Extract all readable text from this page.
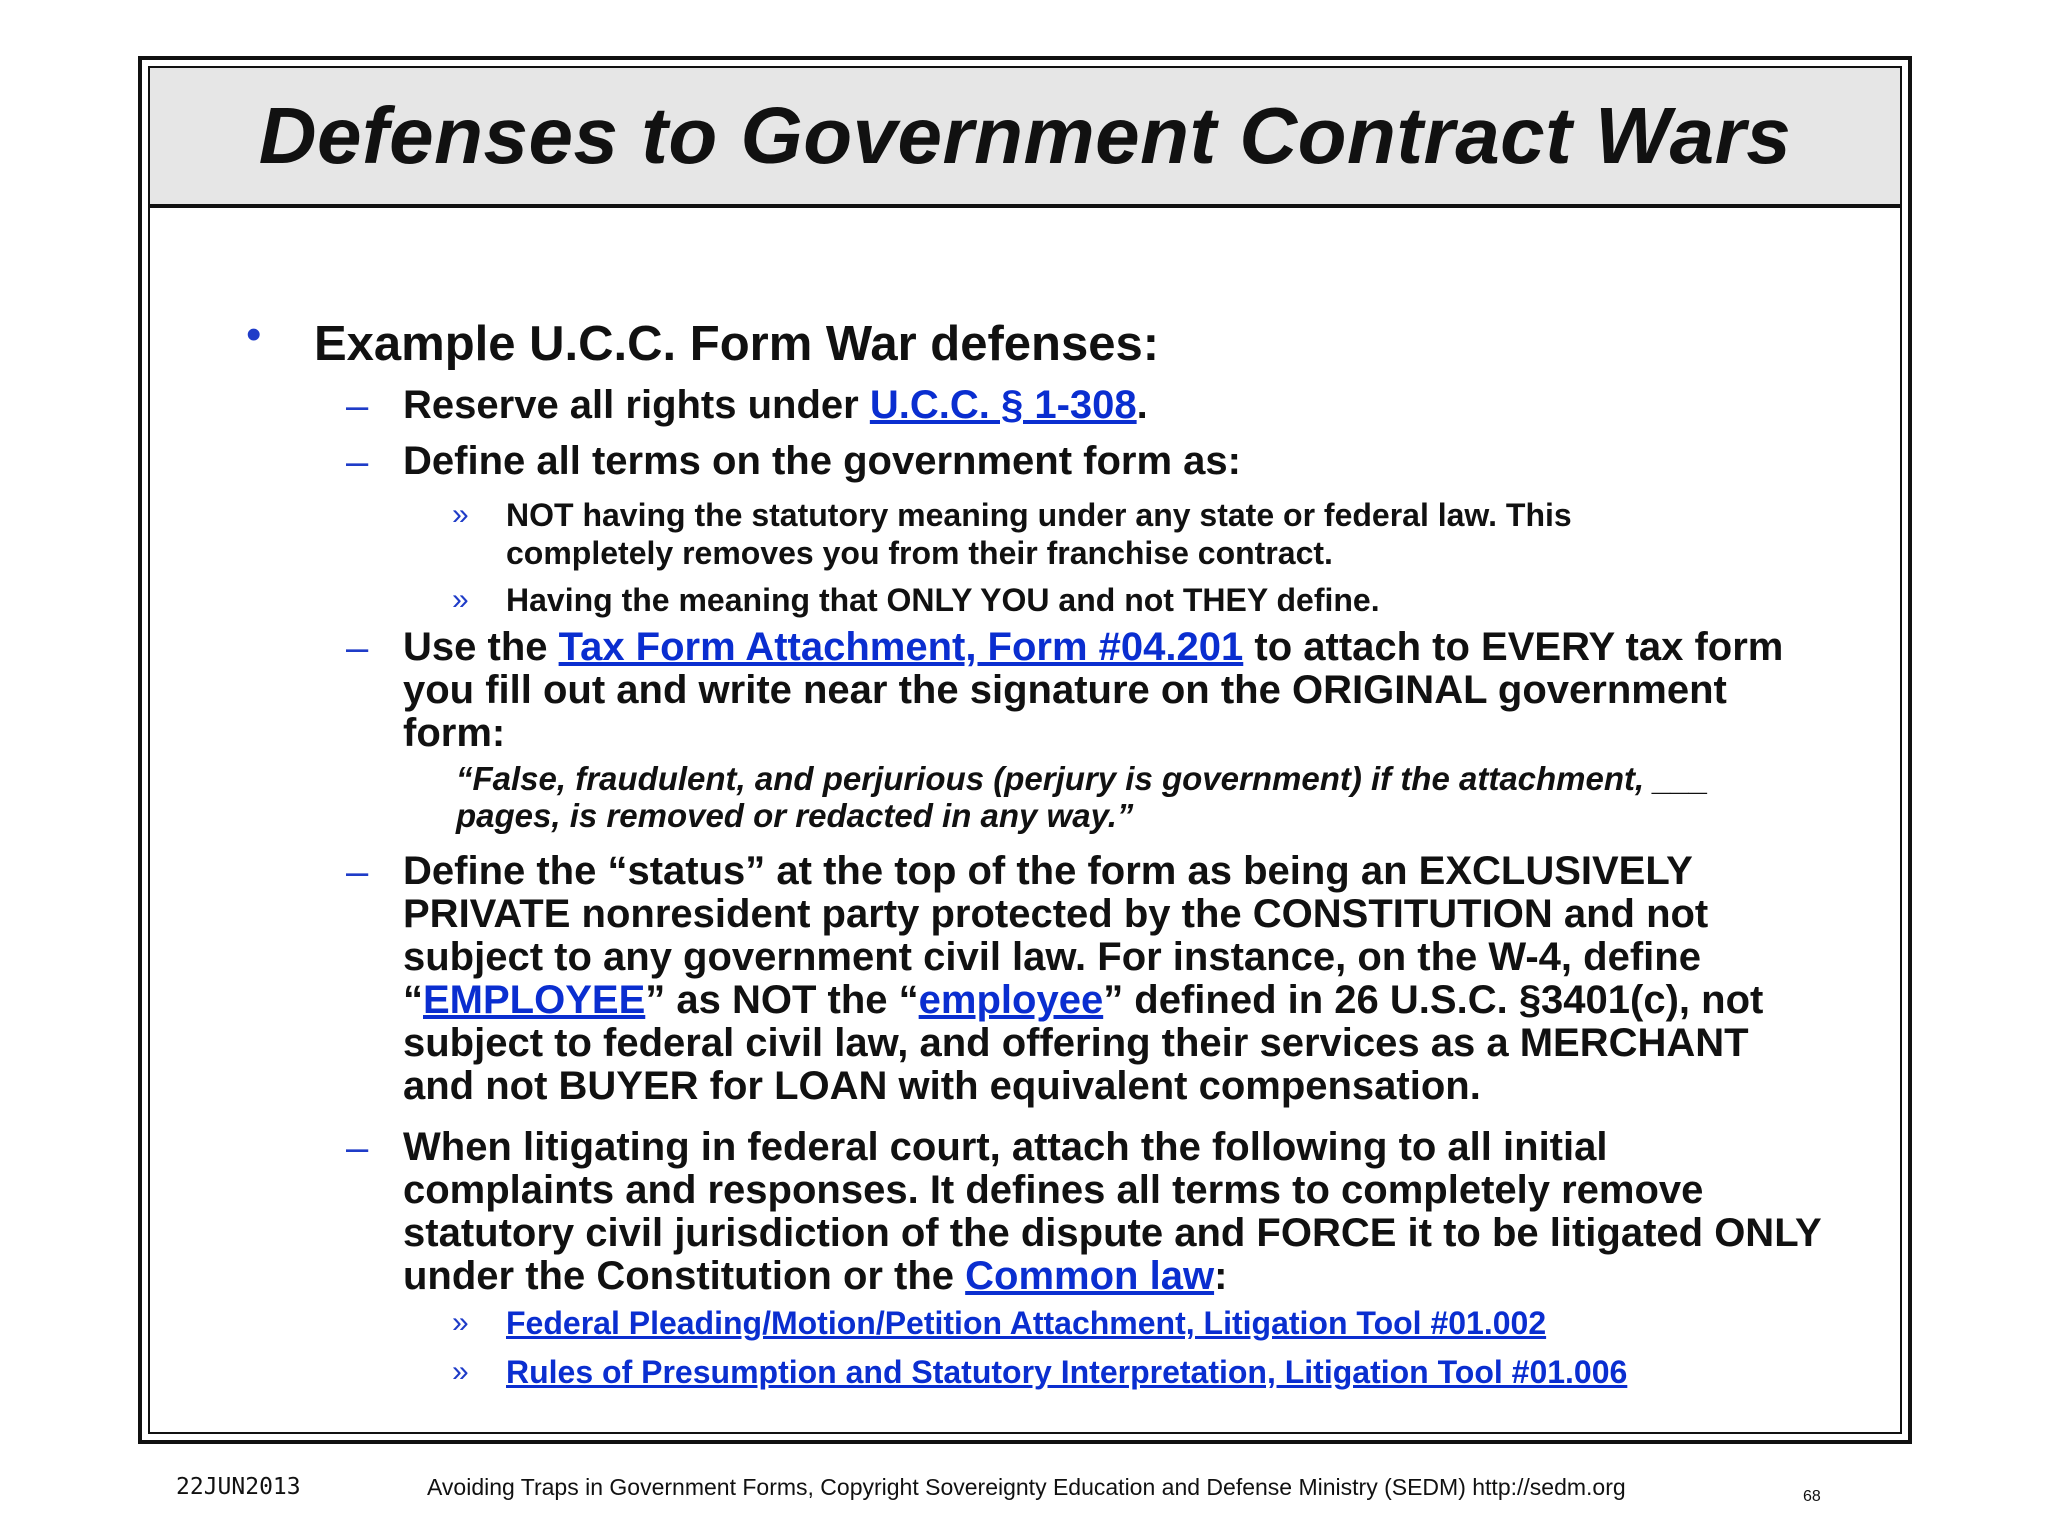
Defenses to Government Contract Wars
• Example U.C.C. Form War defenses:
– Reserve all rights under U.C.C. § 1-308.
– Define all terms on the government form as:
» NOT having the statutory meaning under any state or federal law. This
completely removes you from their franchise contract.
» Having the meaning that ONLY YOU and not THEY define.
– Use the Tax Form Attachment, Form #04.201 to attach to EVERY tax form
you fill out and write near the signature on the ORIGINAL government
form:
“False, fraudulent, and perjurious (perjury is government) if the attachment, ___
pages, is removed or redacted in any way.”
– Define the “status” at the top of the form as being an EXCLUSIVELY
PRIVATE nonresident party protected by the CONSTITUTION and not
subject to any government civil law. For instance, on the W-4, define
“EMPLOYEE” as NOT the “employee” defined in 26 U.S.C. §3401(c), not
subject to federal civil law, and offering their services as a MERCHANT
and not BUYER for LOAN with equivalent compensation.
– When litigating in federal court, attach the following to all initial
complaints and responses. It defines all terms to completely remove
statutory civil jurisdiction of the dispute and FORCE it to be litigated ONLY
under the Constitution or the Common law:
» Federal Pleading/Motion/Petition Attachment, Litigation Tool #01.002
» Rules of Presumption and Statutory Interpretation, Litigation Tool #01.006
22JUN2013	Avoiding Traps in Government Forms, Copyright Sovereignty Education and Defense Ministry (SEDM) http://sedm.org	68
